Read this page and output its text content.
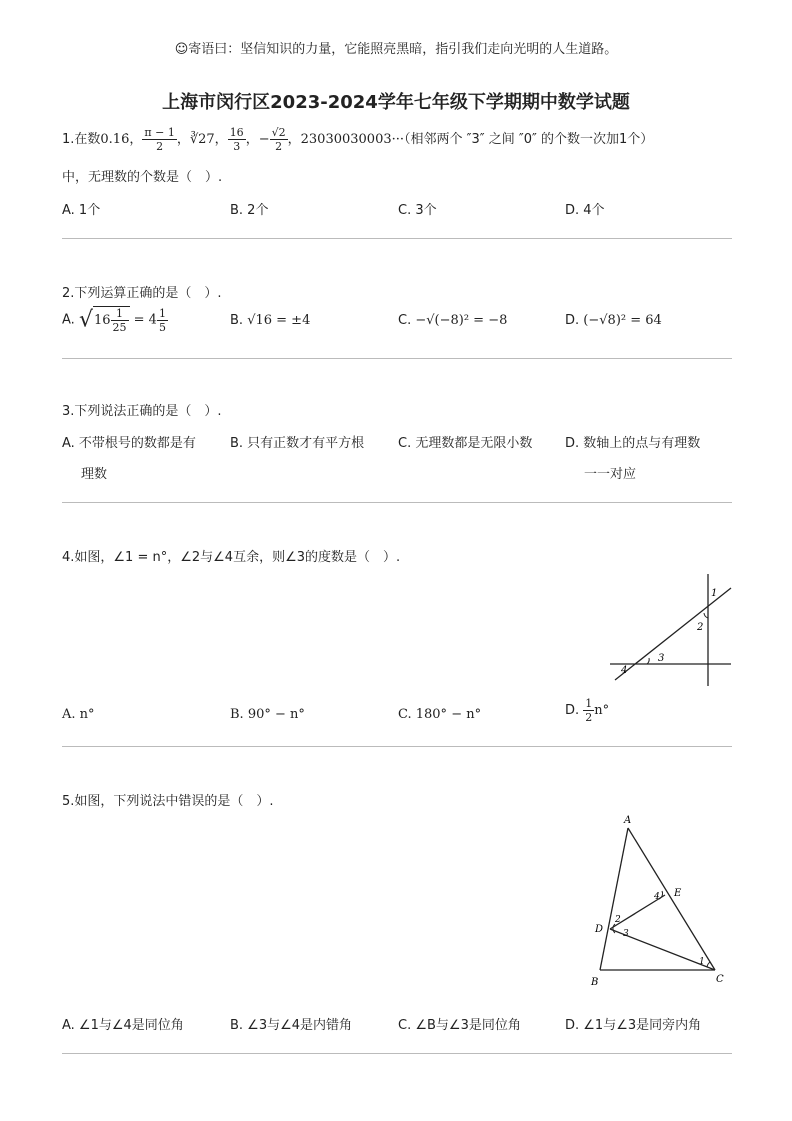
☺寄语曰：坚信知识的力量，它能照亮黑暗，指引我们走向光明的人生道路。
上海市闵行区2023-2024学年七年级下学期期中数学试题
1.在数0.16̇， $\frac{\pi - 1}{2}$ ，∛27， $\frac{16}{3}$ ，− $\frac{√2}{2}$ ，23030030003···（相邻两个 ″3″ 之间 ″0″ 的个数一次加1个）
中，无理数的个数是（　）.
A. 1个	B. 2个	C. 3个	D. 4个
2.下列运算正确的是（　）.
A. $√16 \frac{1}{25} = 4 \frac{1}{5}$	B. √16 = ±4	C. −√(−8)² = −8	D. (−√8)² = 64
3.下列说法正确的是（　）.
A. 不带根号的数都是有
理数
B. 只有正数才有平方根	C. 无理数都是无限小数	D. 数轴上的点与有理数
一一对应
4.如图，∠1 = n°，∠2与∠4互余，则∠3的度数是（　）.
1
2
3
4
A. n°	B. 90° − n°	C. 180° − n°	D. $\frac{1}{2} n^\circ$
5.如图，下列说法中错误的是（　）.
A
B	C
D
E
1
2
3
4
A. ∠1与∠4是同位角	B. ∠3与∠4是内错角	C. ∠B与∠3是同位角	D. ∠1与∠3是同旁内角
